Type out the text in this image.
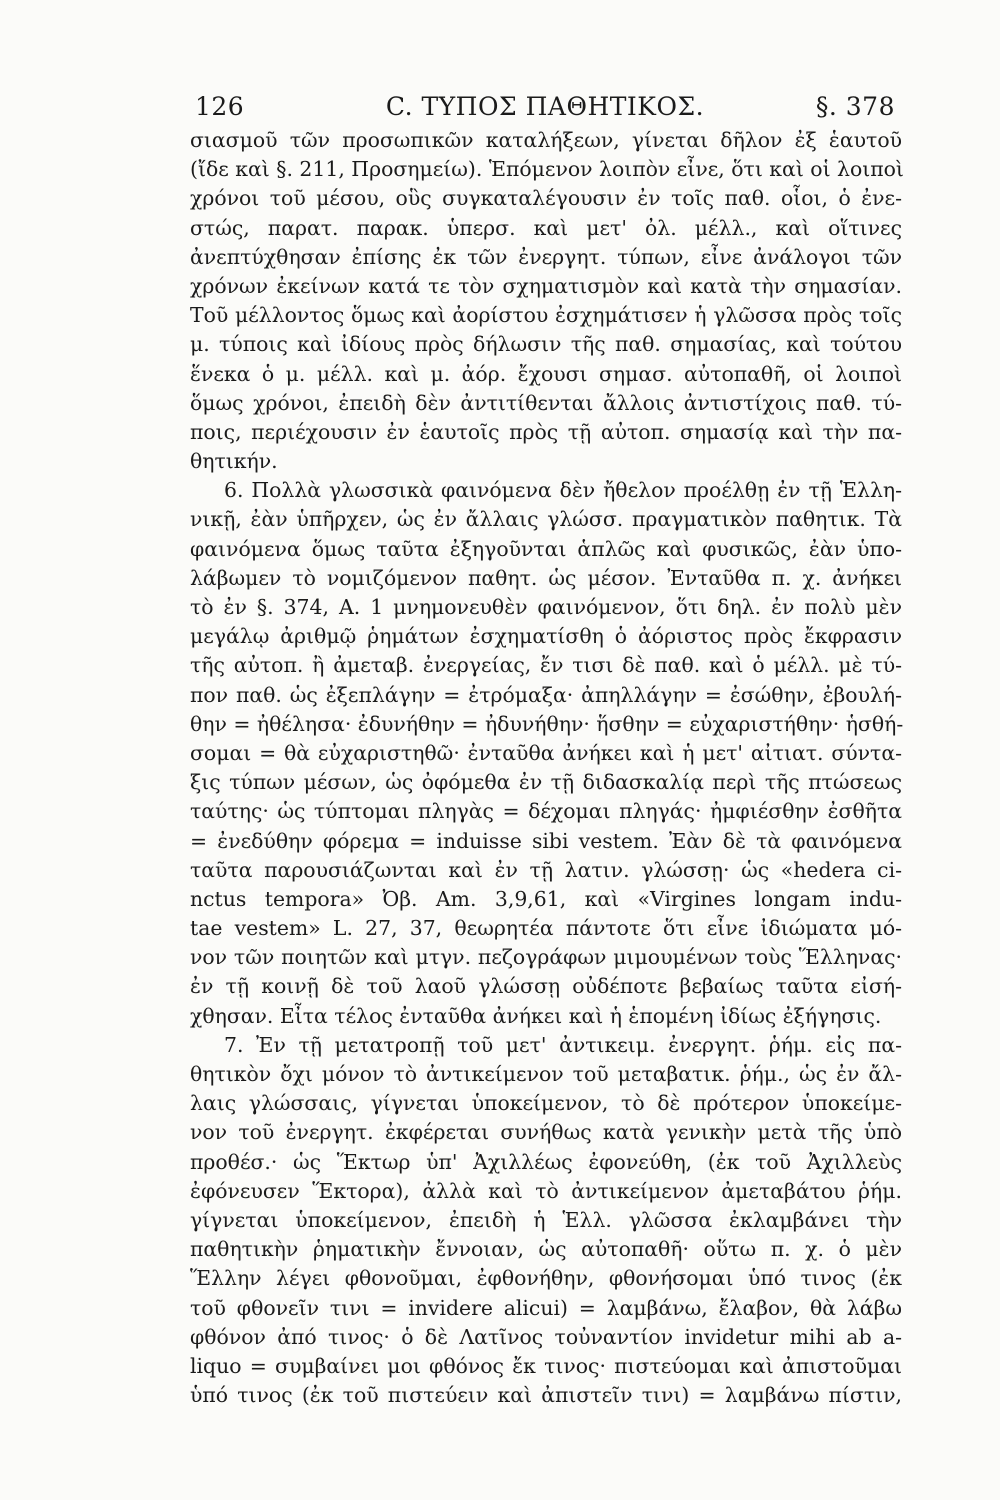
126	C. ΤΥΠΟΣ ΠΑΘΗΤΙΚΟΣ.	§. 378
σιασμοῦ τῶν προσωπικῶν καταλήξεων, γίνεται δῆλον ἐξ ἑαυτοῦ
(ἴδε καὶ §. 211, Προσημείω). Ἑπόμενον λοιπὸν εἶνε, ὅτι καὶ οἱ λοιποὶ
χρόνοι τοῦ μέσου, οὓς συγκαταλέγουσιν ἐν τοῖς παθ. οἷοι, ὁ ἐνε-
στώς, παρατ. παρακ. ὑπερσ. καὶ μετ' ὀλ. μέλλ., καὶ οἵτινες
ἀνεπτύχθησαν ἐπίσης ἐκ τῶν ἐνεργητ. τύπων, εἶνε ἀνάλογοι τῶν
χρόνων ἐκείνων κατά τε τὸν σχηματισμὸν καὶ κατὰ τὴν σημασίαν.
Τοῦ μέλλοντος ὅμως καὶ ἀορίστου ἐσχημάτισεν ἡ γλῶσσα πρὸς τοῖς
μ. τύποις καὶ ἰδίους πρὸς δήλωσιν τῆς παθ. σημασίας, καὶ τούτου
ἕνεκα ὁ μ. μέλλ. καὶ μ. ἀόρ. ἔχουσι σημασ. αὐτοπαθῆ, οἱ λοιποὶ
ὅμως χρόνοι, ἐπειδὴ δὲν ἀντιτίθενται ἄλλοις ἀντιστίχοις παθ. τύ-
ποις, περιέχουσιν ἐν ἑαυτοῖς πρὸς τῇ αὐτοπ. σημασίᾳ καὶ τὴν πα-
θητικήν.
6. Πολλὰ γλωσσικὰ φαινόμενα δὲν ἤθελον προέλθῃ ἐν τῇ Ἑλλη-
νικῇ, ἐὰν ὑπῆρχεν, ὡς ἐν ἄλλαις γλώσσ. πραγματικὸν παθητικ. Τὰ
φαινόμενα ὅμως ταῦτα ἐξηγοῦνται ἁπλῶς καὶ φυσικῶς, ἐὰν ὑπο-
λάβωμεν τὸ νομιζόμενον παθητ. ὡς μέσον. Ἐνταῦθα π. χ. ἀνήκει
τὸ ἐν §. 374, Α. 1 μνημονευθὲν φαινόμενον, ὅτι δηλ. ἐν πολὺ μὲν
μεγάλῳ ἀριθμῷ ῥημάτων ἐσχηματίσθη ὁ ἀόριστος πρὸς ἔκφρασιν
τῆς αὐτοπ. ἢ ἀμεταβ. ἐνεργείας, ἔν τισι δὲ παθ. καὶ ὁ μέλλ. μὲ τύ-
πον παθ. ὡς ἐξεπλάγην = ἐτρόμαξα· ἀπηλλάγην = ἐσώθην, ἐβουλή-
θην = ἠθέλησα· ἐδυνήθην = ἠδυνήθην· ἥσθην = εὐχαριστήθην· ἡσθή-
σομαι = θὰ εὐχαριστηθῶ· ἐνταῦθα ἀνήκει καὶ ἡ μετ' αἰτιατ. σύντα-
ξις τύπων μέσων, ὡς ὀφόμεθα ἐν τῇ διδασκαλίᾳ περὶ τῆς πτώσεως
ταύτης· ὡς τύπτομαι πληγὰς = δέχομαι πληγάς· ἠμφιέσθην ἐσθῆτα
= ἐνεδύθην φόρεμα = induisse sibi vestem. Ἐὰν δὲ τὰ φαινόμενα
ταῦτα παρουσιάζωνται καὶ ἐν τῇ λατιν. γλώσσῃ· ὡς «hedera ci-
nctus tempora» Ὀβ. Am. 3,9,61, καὶ «Virgines longam indu-
tae vestem» L. 27, 37, θεωρητέα πάντοτε ὅτι εἶνε ἰδιώματα μό-
νον τῶν ποιητῶν καὶ μτγν. πεζογράφων μιμουμένων τοὺς Ἕλληνας·
ἐν τῇ κοινῇ δὲ τοῦ λαοῦ γλώσσῃ οὐδέποτε βεβαίως ταῦτα εἰσή-
χθησαν. Εἶτα τέλος ἐνταῦθα ἀνήκει καὶ ἡ ἑπομένη ἰδίως ἐξήγησις.
7. Ἐν τῇ μετατροπῇ τοῦ μετ' ἀντικειμ. ἐνεργητ. ῥήμ. εἰς πα-
θητικὸν ὄχι μόνον τὸ ἀντικείμενον τοῦ μεταβατικ. ῥήμ., ὡς ἐν ἄλ-
λαις γλώσσαις, γίγνεται ὑποκείμενον, τὸ δὲ πρότερον ὑποκείμε-
νον τοῦ ἐνεργητ. ἐκφέρεται συνήθως κατὰ γενικὴν μετὰ τῆς ὑπὸ
προθέσ.· ὡς Ἕκτωρ ὑπ' Ἀχιλλέως ἐφονεύθη, (ἐκ τοῦ Ἀχιλλεὺς
ἐφόνευσεν Ἕκτορα), ἀλλὰ καὶ τὸ ἀντικείμενον ἀμεταβάτου ῥήμ.
γίγνεται ὑποκείμενον, ἐπειδὴ ἡ Ἑλλ. γλῶσσα ἐκλαμβάνει τὴν
παθητικὴν ῥηματικὴν ἔννοιαν, ὡς αὐτοπαθῆ· οὕτω π. χ. ὁ μὲν
Ἕλλην λέγει φθονοῦμαι, ἐφθονήθην, φθονήσομαι ὑπό τινος (ἐκ
τοῦ φθονεῖν τινι = invidere alicui) = λαμβάνω, ἔλαβον, θὰ λάβω
φθόνον ἀπό τινος· ὁ δὲ Λατῖνος τοὐναντίον invidetur mihi ab a-
liquo = συμβαίνει μοι φθόνος ἔκ τινος· πιστεύομαι καὶ ἀπιστοῦμαι
ὑπό τινος (ἐκ τοῦ πιστεύειν καὶ ἀπιστεῖν τινι) = λαμβάνω πίστιν,
